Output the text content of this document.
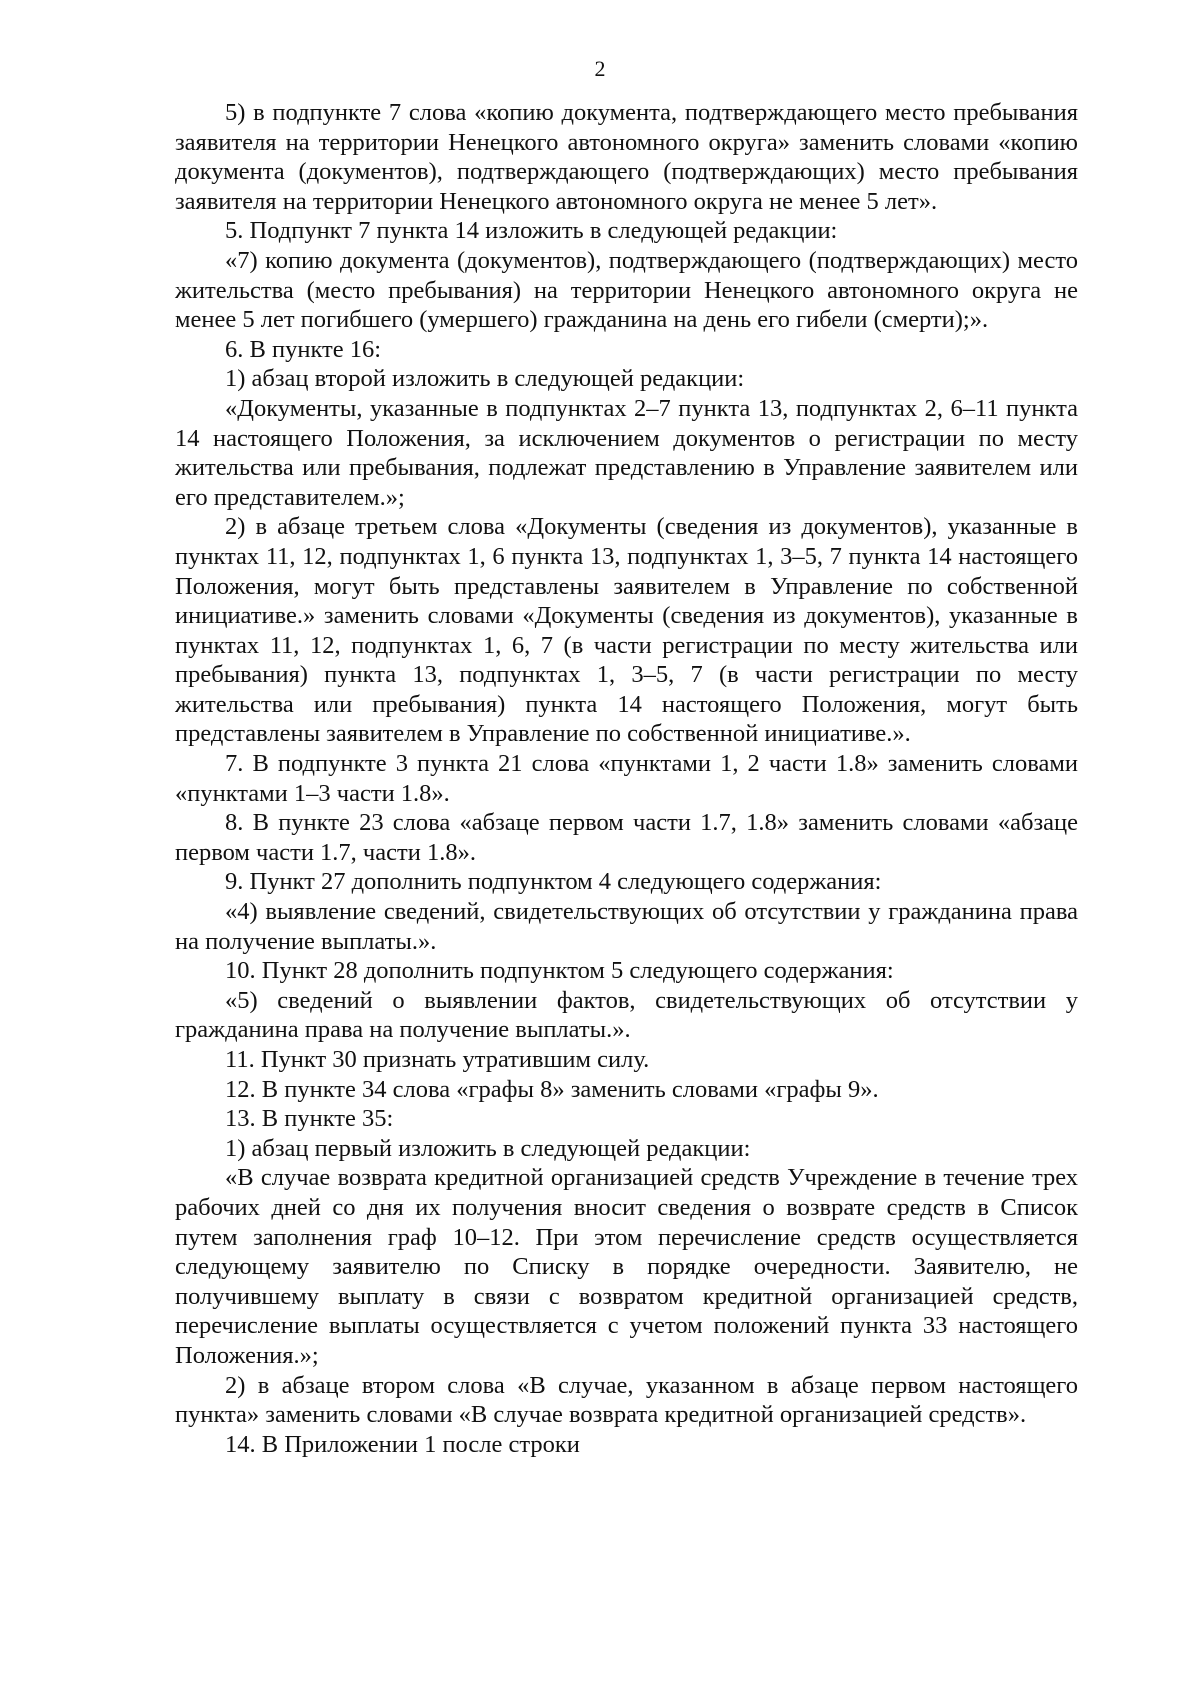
2

5) в подпункте 7 слова «копию документа, подтверждающего место пребывания заявителя на территории Ненецкого автономного округа» заменить словами «копию документа (документов), подтверждающего (подтверждающих) место пребывания заявителя на территории Ненецкого автономного округа не менее 5 лет».

5. Подпункт 7 пункта 14 изложить в следующей редакции:

«7) копию документа (документов), подтверждающего (подтверждающих) место жительства (место пребывания) на территории Ненецкого автономного округа не менее 5 лет погибшего (умершего) гражданина на день его гибели (смерти);».

6. В пункте 16:

1) абзац второй изложить в следующей редакции:

«Документы, указанные в подпунктах 2–7 пункта 13, подпунктах 2, 6–11 пункта 14 настоящего Положения, за исключением документов о регистрации по месту жительства или пребывания, подлежат представлению в Управление заявителем или его представителем.»;

2) в абзаце третьем слова «Документы (сведения из документов), указанные в пунктах 11, 12, подпунктах 1, 6 пункта 13, подпунктах 1, 3–5, 7 пункта 14 настоящего Положения, могут быть представлены заявителем в Управление по собственной инициативе.» заменить словами «Документы (сведения из документов), указанные в пунктах 11, 12, подпунктах 1, 6, 7 (в части регистрации по месту жительства или пребывания) пункта 13, подпунктах 1, 3–5, 7 (в части регистрации по месту жительства или пребывания) пункта 14 настоящего Положения, могут быть представлены заявителем в Управление по собственной инициативе.».

7. В подпункте 3 пункта 21 слова «пунктами 1, 2 части 1.8» заменить словами «пунктами 1–3 части 1.8».

8. В пункте 23 слова «абзаце первом части 1.7, 1.8» заменить словами «абзаце первом части 1.7, части 1.8».

9. Пункт 27 дополнить подпунктом 4 следующего содержания:

«4) выявление сведений, свидетельствующих об отсутствии у гражданина права на получение выплаты.».

10. Пункт 28 дополнить подпунктом 5 следующего содержания:

«5) сведений о выявлении фактов, свидетельствующих об отсутствии у гражданина права на получение выплаты.».

11. Пункт 30 признать утратившим силу.

12. В пункте 34 слова «графы 8» заменить словами «графы 9».

13. В пункте 35:

1) абзац первый изложить в следующей редакции:

«В случае возврата кредитной организацией средств Учреждение в течение трех рабочих дней со дня их получения вносит сведения о возврате средств в Список путем заполнения граф 10–12. При этом перечисление средств осуществляется следующему заявителю по Списку в порядке очередности. Заявителю, не получившему выплату в связи с возвратом кредитной организацией средств, перечисление выплаты осуществляется с учетом положений пункта 33 настоящего Положения.»;

2) в абзаце втором слова «В случае, указанном в абзаце первом настоящего пункта» заменить словами «В случае возврата кредитной организацией средств».

14. В Приложении 1 после строки
